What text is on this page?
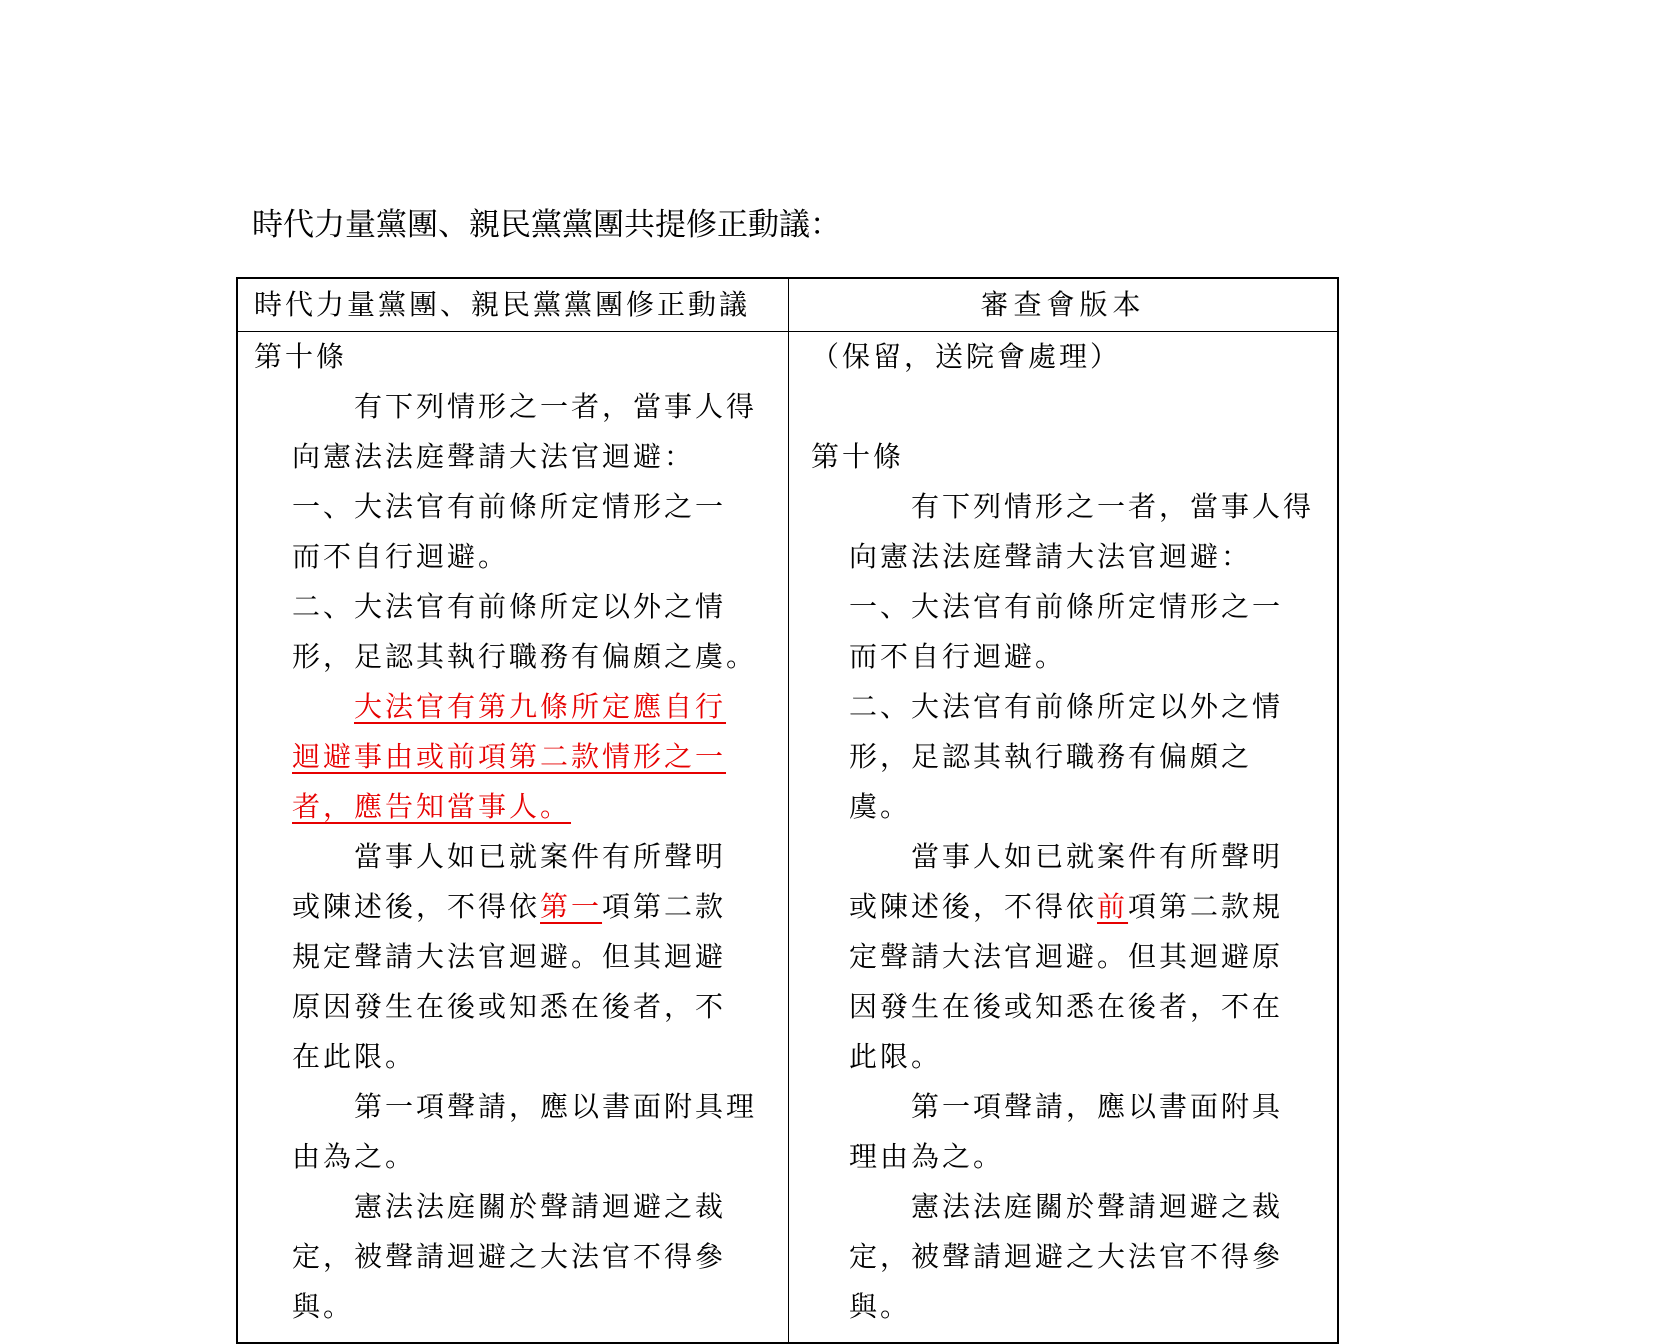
時代力量黨團、親民黨黨團共提修正動議：
時代力量黨團、親民黨黨團修正動議	審查會版本
第十條
有下列情形之一者，當事人得
向憲法法庭聲請大法官迴避：
一、大法官有前條所定情形之一
而不自行迴避。
二、大法官有前條所定以外之情
形，足認其執行職務有偏頗之虞。
大法官有第九條所定應自行
迴避事由或前項第二款情形之一
者，應告知當事人。
當事人如已就案件有所聲明
或陳述後，不得依第一項第二款
規定聲請大法官迴避。但其迴避
原因發生在後或知悉在後者，不
在此限。
第一項聲請，應以書面附具理
由為之。
憲法法庭關於聲請迴避之裁
定，被聲請迴避之大法官不得參
與。
（保留，送院會處理）
第十條
有下列情形之一者，當事人得
向憲法法庭聲請大法官迴避：
一、大法官有前條所定情形之一
而不自行迴避。
二、大法官有前條所定以外之情
形，足認其執行職務有偏頗之
虞。
當事人如已就案件有所聲明
或陳述後，不得依前項第二款規
定聲請大法官迴避。但其迴避原
因發生在後或知悉在後者，不在
此限。
第一項聲請，應以書面附具
理由為之。
憲法法庭關於聲請迴避之裁
定，被聲請迴避之大法官不得參
與。
